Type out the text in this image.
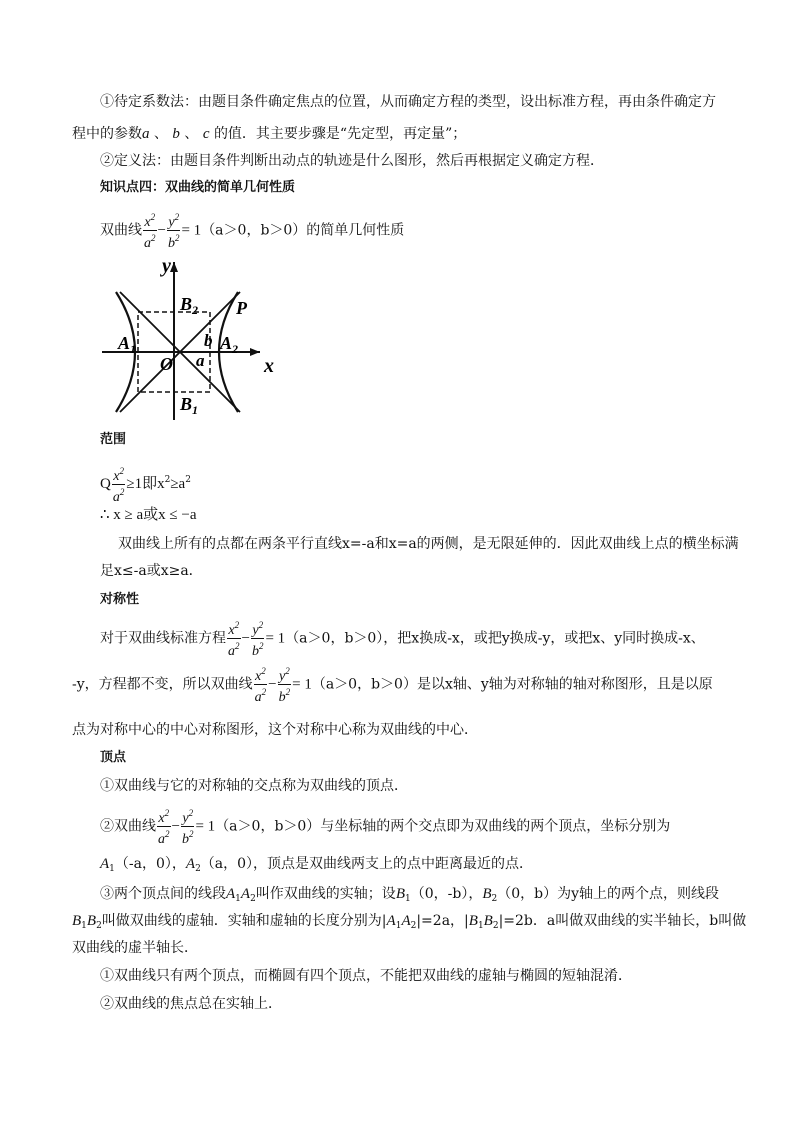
①待定系数法：由题目条件确定焦点的位置，从而确定方程的类型，设出标准方程，再由条件确定方
程中的参数a 、 b 、 c 的值．其主要步骤是“先定型，再定量”；
②定义法：由题目条件判断出动点的轨迹是什么图形，然后再根据定义确定方程．
知识点四：双曲线的简单几何性质
双曲线 $\frac{x^2}{a^2} - \frac{y^2}{b^2} = 1(a>0$，b＞0）的简单几何性质
y
x
$B_2$
$B_1$
$A_1$	$A_2$
O a
b
P
范围
Q $\frac{x^2}{a^2} \ge 1$即$x^2\ge a^2$
∴ x ≥ a或x ≤ −a
双曲线上所有的点都在两条平行直线x=-a和x=a的两侧，是无限延伸的．因此双曲线上点的横坐标满
足x≤-a或x≥a．
对称性
对于双曲线标准方程 $\frac{x^2}{a^2} - \frac{y^2}{b^2} = 1(a>0$，b＞0），把x换成-x，或把y换成-y，或把x、y同时换成-x、
-y，方程都不变，所以双曲线 $\frac{x^2}{a^2} - \frac{y^2}{b^2} = 1(a>0$，b＞0）是以x轴、y轴为对称轴的轴对称图形，且是以原
点为对称中心的中心对称图形，这个对称中心称为双曲线的中心．
顶点
①双曲线与它的对称轴的交点称为双曲线的顶点．
②双曲线 $\frac{x^2}{a^2} - \frac{y^2}{b^2} = 1(a>0$，b＞0）与坐标轴的两个交点即为双曲线的两个顶点，坐标分别为
$A_1(-a$，0），$A_2(a$，0），顶点是双曲线两支上的点中距离最近的点．
③两个顶点间的线段$A_1A_2$叫作双曲线的实轴；设$B_1(0$，-b），$B_2(0$，b）为y轴上的两个点，则线段
$B_1B_2$叫做双曲线的虚轴．实轴和虚轴的长度分别为$|A_1A_2|=2a$，$|B_1B_2|=2b$．a叫做双曲线的实半轴长，b叫做
双曲线的虚半轴长．
①双曲线只有两个顶点，而椭圆有四个顶点，不能把双曲线的虚轴与椭圆的短轴混淆．
②双曲线的焦点总在实轴上．
